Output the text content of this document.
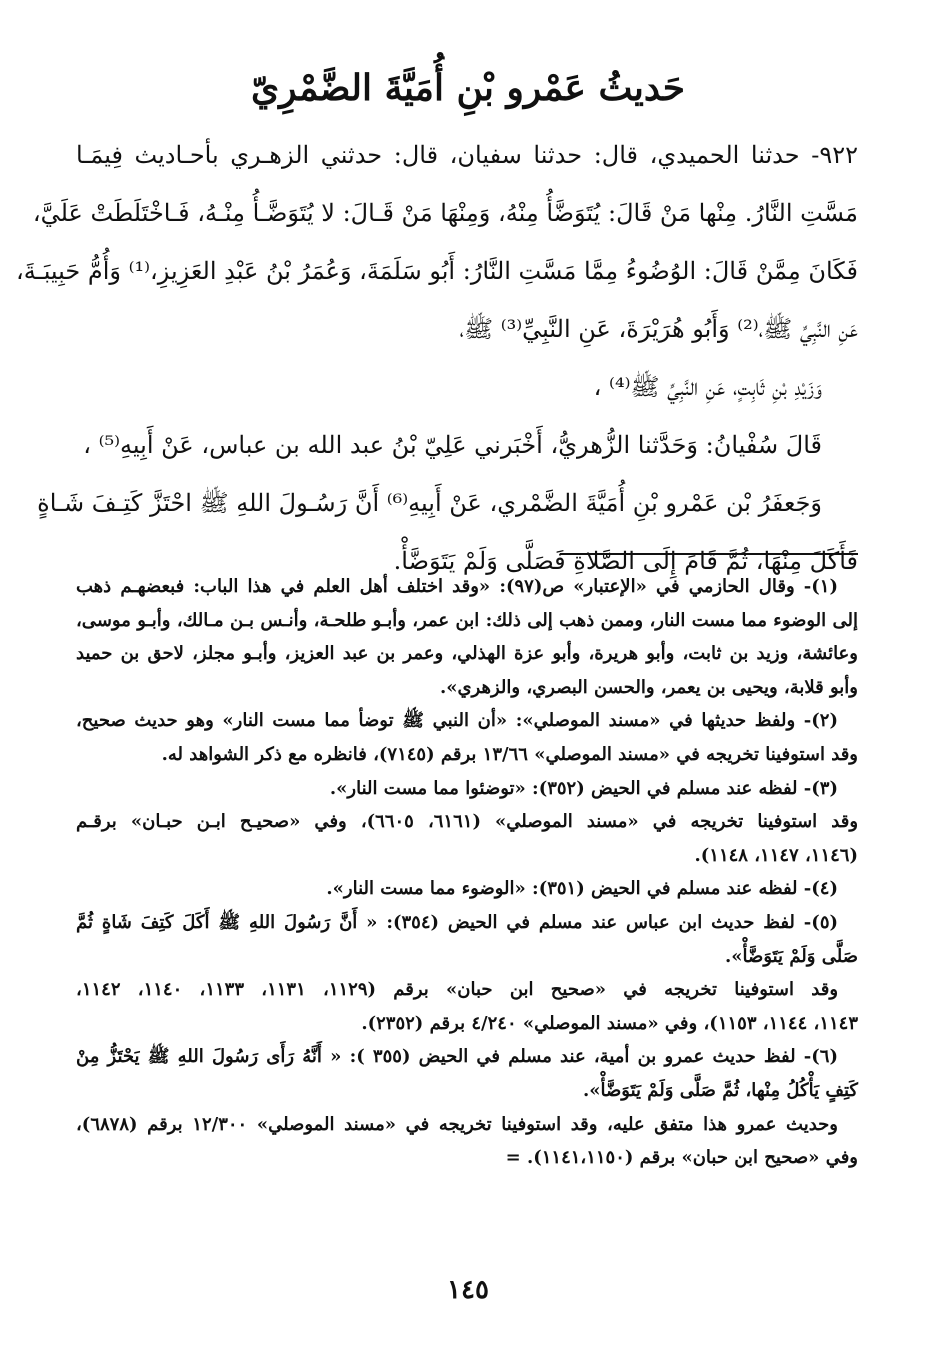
حَديثُ عَمْرو بْنِ أُمَيَّةَ الضَّمْرِيّ
٩٢٢- حدثنا الحميدي، قال: حدثنا سفيان، قال: حدثني الزهـري بأحـاديث فِيمَـا
مَسَّتِ النَّارُ. مِنْها مَنْ قَالَ: يُتَوَضَّأُ مِنْهُ، وَمِنْهَا مَنْ قَـالَ: لا يُتَوَضَّـأُ مِنْـهُ، فَـاخْتَلَطَتْ عَلَيَّ،
فَكَانَ مِمَّنْ قَالَ: الوُضُوءُ مِمَّا مَسَّتِ النَّارُ: أَبُو سَلَمَةَ، وَعُمَرُ بْنُ عَبْدِ العَزِيزِ،⁽¹⁾ وَأُمُّ حَبِيبَـةَ،
عَنِ النَّبِيِّ ﷺ،⁽²⁾ وَأَبُو هُرَيْرَةَ، عَنِ النَّبِيِّ⁽³⁾ ﷺ،
وَزَيْدِ بْنِ ثَابِتٍ، عَنِ النَّبِيِّ ﷺ⁽⁴⁾ ،
قَالَ سُفْيانُ: وَحَدَّثنا الزُّهريُّ، أَخْبَرني عَلِيّ بْنُ عبد الله بن عباس، عَنْ أَبِيهِ⁽⁵⁾ ،
وَجَعفَرُ بْن عَمْرو بْنِ أُمَيَّةَ الضَّمْري، عَنْ أَبِيهِ⁽⁶⁾ أَنَّ رَسُـولَ اللهِ ﷺ احْتَزَّ كَتِـفَ شَـاةٍ
فَأَكَلَ مِنْهَا، ثُمَّ قَامَ إِلَى الصَّلاةِ فَصَلَّى وَلَمْ يَتَوَضَّأْ.
(١)- وقال الحازمي في «الإعتبار» ص(٩٧): «وقد اختلف أهل العلم في هذا الباب: فبعضهـم ذهب
إلى الوضوء مما مست النار، وممن ذهب إلى ذلك: ابن عمر، وأبـو طلحـة، وأنـس بـن مـالك، وأبـو موسى،
وعائشة، وزيد بن ثابت، وأبو هريرة، وأبو عزة الهذلي، وعمر بن عبد العزيز، وأبـو مجلز، لاحق بن حميد
وأبو قلابة، ويحيى بن يعمر، والحسن البصري، والزهري».
(٢)- ولفظ حديثها في «مسند الموصلي»: «أن النبي ﷺ توضأ مما مست النار» وهو حديث صحيح،
وقد استوفينا تخريجه في «مسند الموصلي» ١٣/٦٦ برقم (٧١٤٥)، فانظره مع ذكر الشواهد له.
(٣)- لفظه عند مسلم في الحيض (٣٥٢): «توضئوا مما مست النار».
وقد استوفينا تخريجه في «مسند الموصلي» (٦١٦١، ٦٦٠٥)، وفي «صحيـح ابـن حبـان» برقـم
(١١٤٦، ١١٤٧، ١١٤٨).
(٤)- لفظه عند مسلم في الحيض (٣٥١): «الوضوء مما مست النار».
(٥)- لفظ حديث ابن عباس عند مسلم في الحيض (٣٥٤): « أَنَّ رَسُولَ اللهِ ﷺ أَكَلَ كَتِفَ شَاةٍ ثُمَّ
صَلَّى وَلَمْ يَتَوَضَّأْ».
وقد استوفينا تخريجه في «صحيح ابن حبان» برقم (١١٢٩، ١١٣١، ١١٣٣، ١١٤٠، ١١٤٢،
١١٤٣، ١١٤٤، ١١٥٣)، وفي «مسند الموصلي» ٤/٢٤٠ برقم (٢٣٥٢).
(٦)- لفظ حديث عمرو بن أمية، عند مسلم في الحيض (٣٥٥ ): « أَنَّهُ رَأَى رَسُولَ اللهِ ﷺ يَحْتَزُّ مِنْ
كَتِفٍ يَأْكُلُ مِنْها، ثُمَّ صَلَّى وَلَمْ يَتَوَضَّأْ».
وحديث عمرو هذا متفق عليه، وقد استوفينا تخريجه في «مسند الموصلي» ١٢/٣٠٠ برقم (٦٨٧٨)،
وفي «صحيح ابن حبان» برقم (١١٤١،١١٥٠). =
١٤٥
